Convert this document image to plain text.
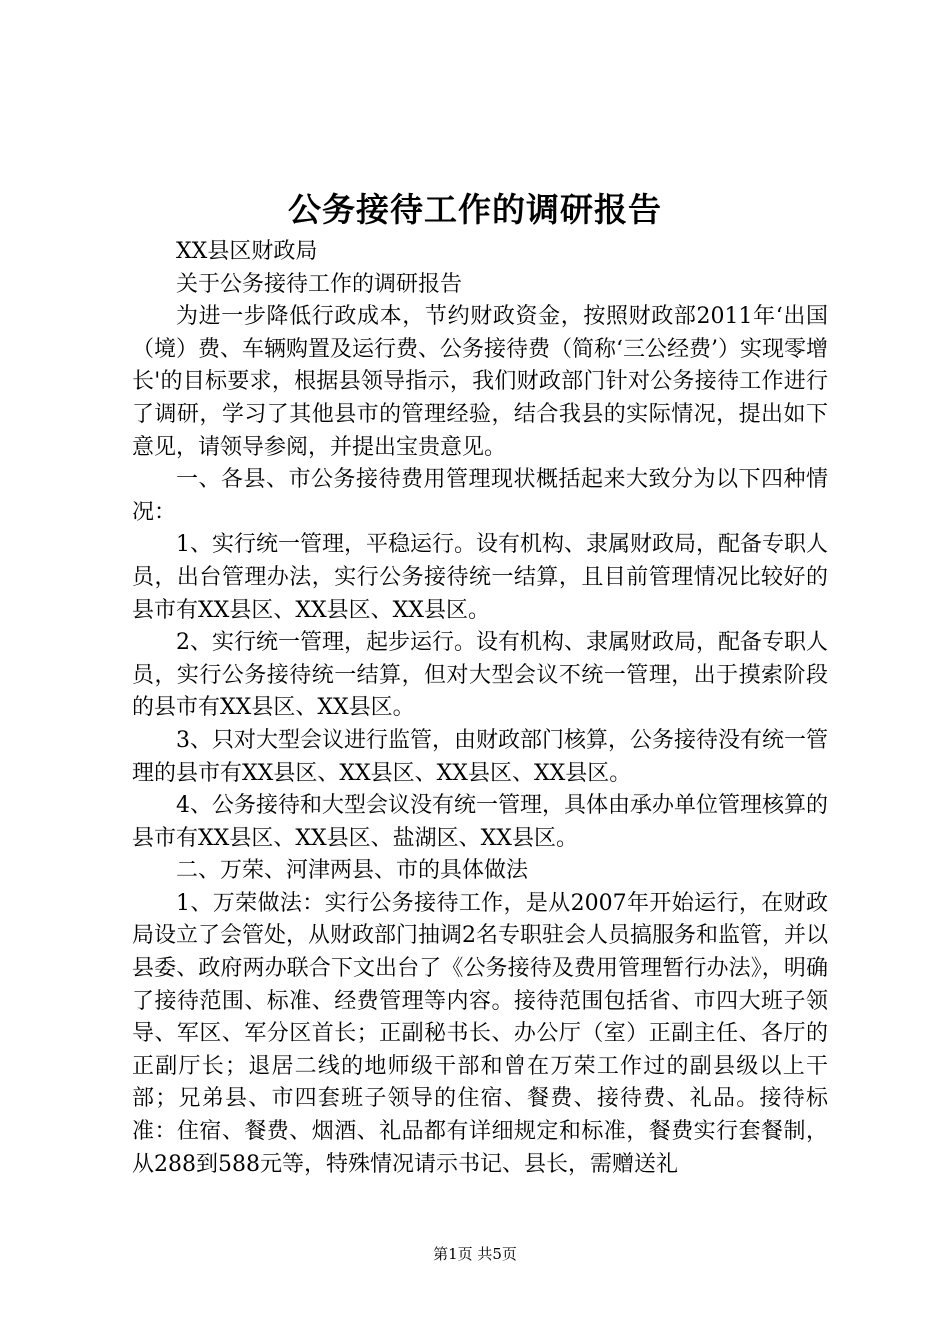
公务接待工作的调研报告

XX县区财政局

关于公务接待工作的调研报告

为进一步降低行政成本，节约财政资金，按照财政部2011年‘出国（境）费、车辆购置及运行费、公务接待费（简称‘三公经费’）实现零增长'的目标要求，根据县领导指示，我们财政部门针对公务接待工作进行了调研，学习了其他县市的管理经验，结合我县的实际情况，提出如下意见，请领导参阅，并提出宝贵意见。

一、各县、市公务接待费用管理现状概括起来大致分为以下四种情况：

1、实行统一管理，平稳运行。设有机构、隶属财政局，配备专职人员，出台管理办法，实行公务接待统一结算，且目前管理情况比较好的县市有XX县区、XX县区、XX县区。

2、实行统一管理，起步运行。设有机构、隶属财政局，配备专职人员，实行公务接待统一结算，但对大型会议不统一管理，出于摸索阶段的县市有XX县区、XX县区。

3、只对大型会议进行监管，由财政部门核算，公务接待没有统一管理的县市有XX县区、XX县区、XX县区、XX县区。

4、公务接待和大型会议没有统一管理，具体由承办单位管理核算的县市有XX县区、XX县区、盐湖区、XX县区。

二、万荣、河津两县、市的具体做法

1、万荣做法：实行公务接待工作，是从2007年开始运行，在财政局设立了会管处，从财政部门抽调2名专职驻会人员搞服务和监管，并以县委、政府两办联合下文出台了《公务接待及费用管理暂行办法》，明确了接待范围、标准、经费管理等内容。接待范围包括省、市四大班子领导、军区、军分区首长；正副秘书长、办公厅（室）正副主任、各厅的正副厅长；退居二线的地师级干部和曾在万荣工作过的副县级以上干部；兄弟县、市四套班子领导的住宿、餐费、接待费、礼品。接待标准：住宿、餐费、烟酒、礼品都有详细规定和标准，餐费实行套餐制，从288到588元等，特殊情况请示书记、县长，需赠送礼

第1页 共5页
